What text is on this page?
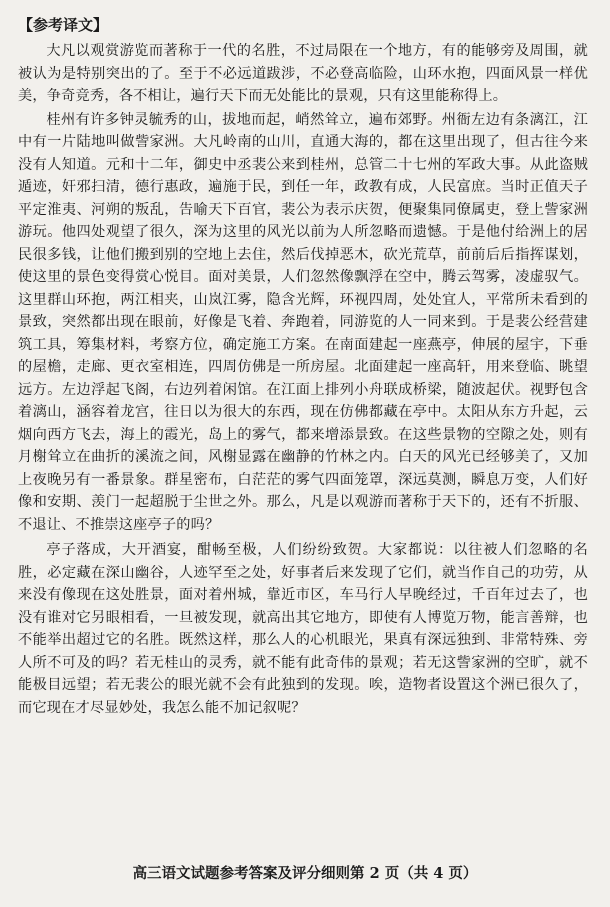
【参考译文】

大凡以观赏游览而著称于一代的名胜，不过局限在一个地方，有的能够旁及周围，就被认为是特别突出的了。至于不必远道跋涉，不必登高临险，山环水抱，四面风景一样优美，争奇竞秀，各不相让，遍行天下而无处能比的景观，只有这里能称得上。

桂州有许多钟灵毓秀的山，拔地而起，峭然耸立，遍布郊野。州衙左边有条漓江，江中有一片陆地叫做訾家洲。大凡岭南的山川，直通大海的，都在这里出现了，但古往今来没有人知道。元和十二年，御史中丞裴公来到桂州，总管二十七州的军政大事。从此盗贼遁迹，奸邪扫清，德行惠政，遍施于民，到任一年，政教有成，人民富庶。当时正值天子平定淮夷、河朔的叛乱，告喻天下百官，裴公为表示庆贺，便聚集同僚属吏，登上訾家洲游玩。他四处观望了很久，深为这里的风光以前为人所忽略而遗憾。于是他付给洲上的居民很多钱，让他们搬到别的空地上去住，然后伐掉恶木，砍光荒草，前前后后指挥谋划，使这里的景色变得赏心悦目。面对美景，人们忽然像飘浮在空中，腾云驾雾，凌虚驭气。这里群山环抱，两江相夹，山岚江雾，隐含光辉，环视四周，处处宜人，平常所未看到的景致，突然都出现在眼前，好像是飞着、奔跑着，同游览的人一同来到。于是裴公经营建筑工具，筹集材料，考察方位，确定施工方案。在南面建起一座燕亭，伸展的屋宇，下垂的屋檐，走廊、更衣室相连，四周仿佛是一所房屋。北面建起一座高轩，用来登临、眺望远方。左边浮起飞阁，右边列着闲馆。在江面上排列小舟联成桥梁，随波起伏。视野包含着漓山，涵容着龙宫，往日以为很大的东西，现在仿佛都藏在亭中。太阳从东方升起，云烟向西方飞去，海上的霞光，岛上的雾气，都来增添景致。在这些景物的空隙之处，则有月榭耸立在曲折的溪流之间，风榭显露在幽静的竹林之内。白天的风光已经够美了，又加上夜晚另有一番景象。群星密布，白茫茫的雾气四面笼罩，深远莫测，瞬息万变，人们好像和安期、羡门一起超脱于尘世之外。那么，凡是以观游而著称于天下的，还有不折服、不退让、不推崇这座亭子的吗？

亭子落成，大开酒宴，酣畅至极，人们纷纷致贺。大家都说：以往被人们忽略的名胜，必定藏在深山幽谷，人迹罕至之处，好事者后来发现了它们，就当作自己的功劳，从来没有像现在这处胜景，面对着州城，靠近市区，车马行人早晚经过，千百年过去了，也没有谁对它另眼相看，一旦被发现，就高出其它地方，即使有人博览万物，能言善辩，也不能举出超过它的名胜。既然这样，那么人的心机眼光，果真有深远独到、非常特殊、旁人所不可及的吗？若无桂山的灵秀，就不能有此奇伟的景观；若无这訾家洲的空旷，就不能极目远望；若无裴公的眼光就不会有此独到的发现。唉，造物者设置这个洲已很久了，而它现在才尽显妙处，我怎么能不加记叙呢？

高三语文试题参考答案及评分细则第 2 页（共 4 页）
